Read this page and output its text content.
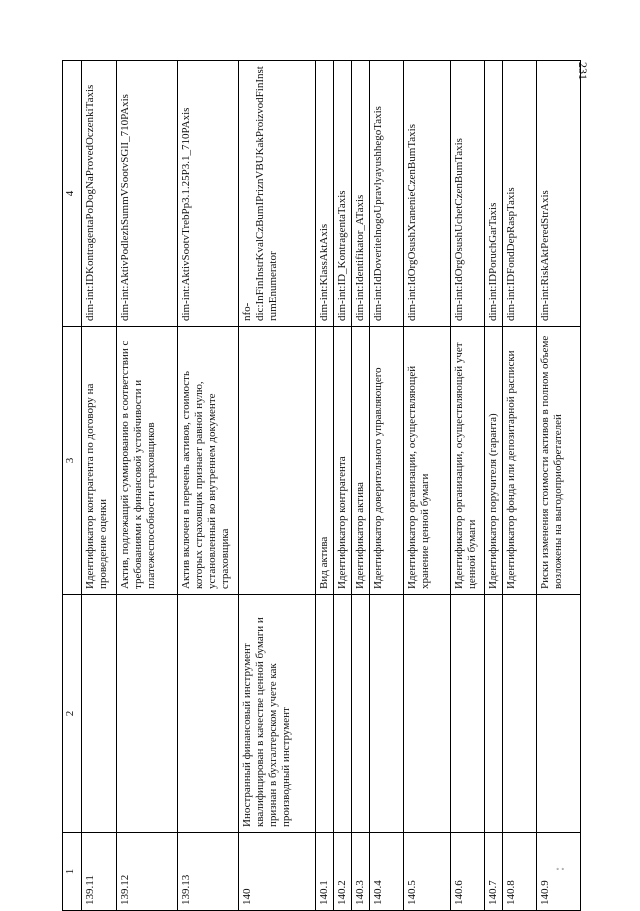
231
1	2	3	4
139.11		Идентификатор контрагента по договору на проведение оценки	dim-int:IDKontragentaPoDogNaProvedOczenkiTaxis
139.12		Актив, подлежащий суммированию в соответствии с требованиями к финансовой устойчивости и платежеспособности страховщиков	dim-int:AktivPodlezhSummVSootvSGlI_710PAxis
139.13		Актив включен в перечень активов, стоимость которых страховщик признает равной нулю, установленный во внутреннем документе страховщика	dim-int:AktivSootvTrebPp3.1.25P3.1_710PAxis
140	Иностранный финансовый инструмент квалифицирован в качестве ценной бумаги и признан в бухгалтерском учете как производный инструмент		nfo-dic:InFinInstrKvalCzBumIPriznVBUKakProizvodFinInstrumEnumerator
140.1		Вид актива	dim-int:KlassAktAxis
140.2		Идентификатор контрагента	dim-int:ID_KontragentaTaxis
140.3		Идентификатор актива	dim-int:Identifikator_ATaxis
140.4		Идентификатор доверительного управляющего	dim-int:IdDoveritelnogoUpravlyayushhegoTaxis
140.5		Идентификатор организации, осуществляющей хранение ценной бумаги	dim-int:IdOrgOsushXranenieCzenBumTaxis
140.6		Идентификатор организации, осуществляющей учет ценной бумаги	dim-int:IdOrgOsushUchetCzenBumTaxis
140.7		Идентификатор поручителя (гаранта)	dim-int:IDPoruchGarTaxis
140.8		Идентификатор фонда или депозитарной расписки	dim-int:IDFondDepRaspTaxis
140.9		Риски изменения стоимости активов в полном объеме возложены на выгодоприобретателей	dim-int:RiskAktPeredStrAxis
∘ ∘
